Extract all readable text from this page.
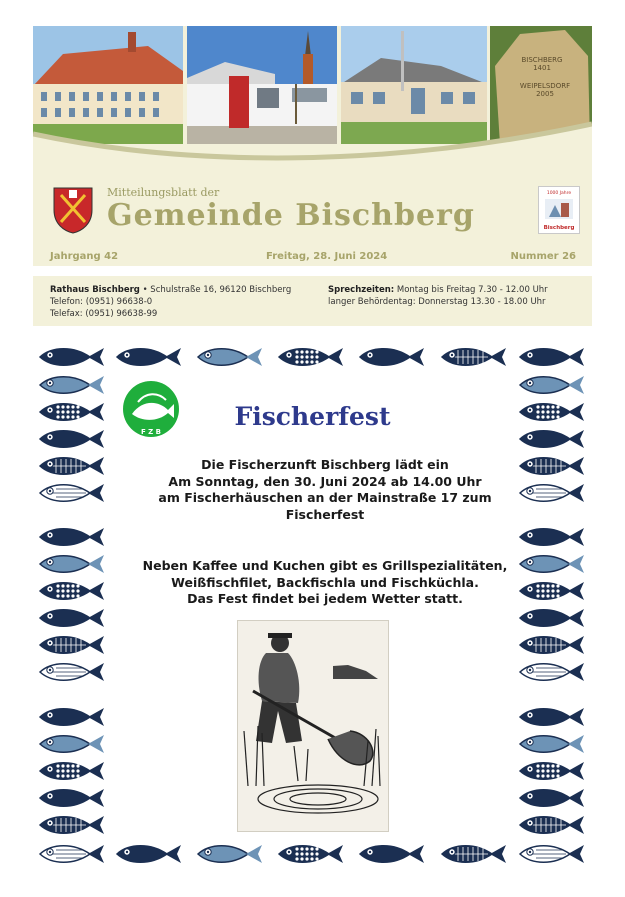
BISCHBERG
1401
WEIPELSDORF
2005
Mitteilungsblatt der
Gemeinde Bischberg
1000 Jahre
Bischberg
Jahrgang 42	Freitag, 28. Juni 2024	Nummer 26
Rathaus Bischberg • Schulstraße 16, 96120 Bischberg
Telefon: (0951) 96638-0
Telefax: (0951) 96638-99
Sprechzeiten: Montag bis Freitag 7.30 - 12.00 Uhr
langer Behördentag: Donnerstag 13.30 - 18.00 Uhr
F Z B
Fischerfest
Die Fischerzunft Bischberg lädt ein
Am Sonntag, den 30. Juni 2024 ab 14.00 Uhr
am Fischerhäuschen an der Mainstraße 17 zum
Fischerfest
Neben Kaffee und Kuchen gibt es Grillspezialitäten,
Weißfischfilet, Backfischla und Fischküchla.
Das Fest findet bei jedem Wetter statt.
